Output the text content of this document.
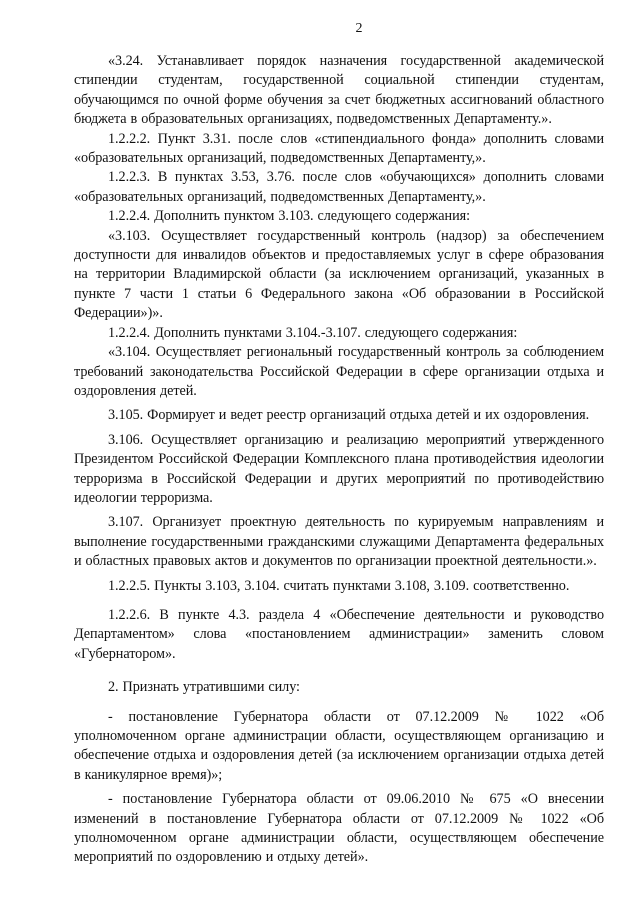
2

«3.24. Устанавливает порядок назначения государственной академической стипендии студентам, государственной социальной стипендии студентам, обучающимся по очной форме обучения за счет бюджетных ассигнований областного бюджета в образовательных организациях, подведомственных Департаменту.».

1.2.2.2. Пункт 3.31. после слов «стипендиального фонда» дополнить словами «образовательных организаций, подведомственных Департаменту,».

1.2.2.3. В пунктах 3.53, 3.76. после слов «обучающихся» дополнить словами «образовательных организаций, подведомственных Департаменту,».

1.2.2.4. Дополнить пунктом 3.103. следующего содержания:

«3.103. Осуществляет государственный контроль (надзор) за обеспечением доступности для инвалидов объектов и предоставляемых услуг в сфере образования на территории Владимирской области (за исключением организаций, указанных в пункте 7 части 1 статьи 6 Федерального закона «Об образовании в Российской Федерации»)».

1.2.2.4. Дополнить пунктами 3.104.-3.107. следующего содержания:

«3.104. Осуществляет региональный государственный контроль за соблюдением требований законодательства Российской Федерации в сфере организации отдыха и оздоровления детей.

3.105. Формирует и ведет реестр организаций отдыха детей и их оздоровления.

3.106. Осуществляет организацию и реализацию мероприятий утвержденного Президентом Российской Федерации Комплексного плана противодействия идеологии терроризма в Российской Федерации и других мероприятий по противодействию идеологии терроризма.

3.107. Организует проектную деятельность по курируемым направлениям и выполнение государственными гражданскими служащими Департамента федеральных и областных правовых актов и документов по организации проектной деятельности.».

1.2.2.5. Пункты 3.103, 3.104. считать пунктами 3.108, 3.109. соответственно.

1.2.2.6. В пункте 4.3. раздела 4 «Обеспечение деятельности и руководство Департаментом» слова «постановлением администрации» заменить словом «Губернатором».

2. Признать утратившими силу:

- постановление Губернатора области от 07.12.2009 № 1022 «Об уполномоченном органе администрации области, осуществляющем организацию и обеспечение отдыха и оздоровления детей (за исключением организации отдыха детей в каникулярное время)»;

- постановление Губернатора области от 09.06.2010 № 675 «О внесении изменений в постановление Губернатора области от 07.12.2009 № 1022 «Об уполномоченном органе администрации области, осуществляющем обеспечение мероприятий по оздоровлению и отдыху детей».
